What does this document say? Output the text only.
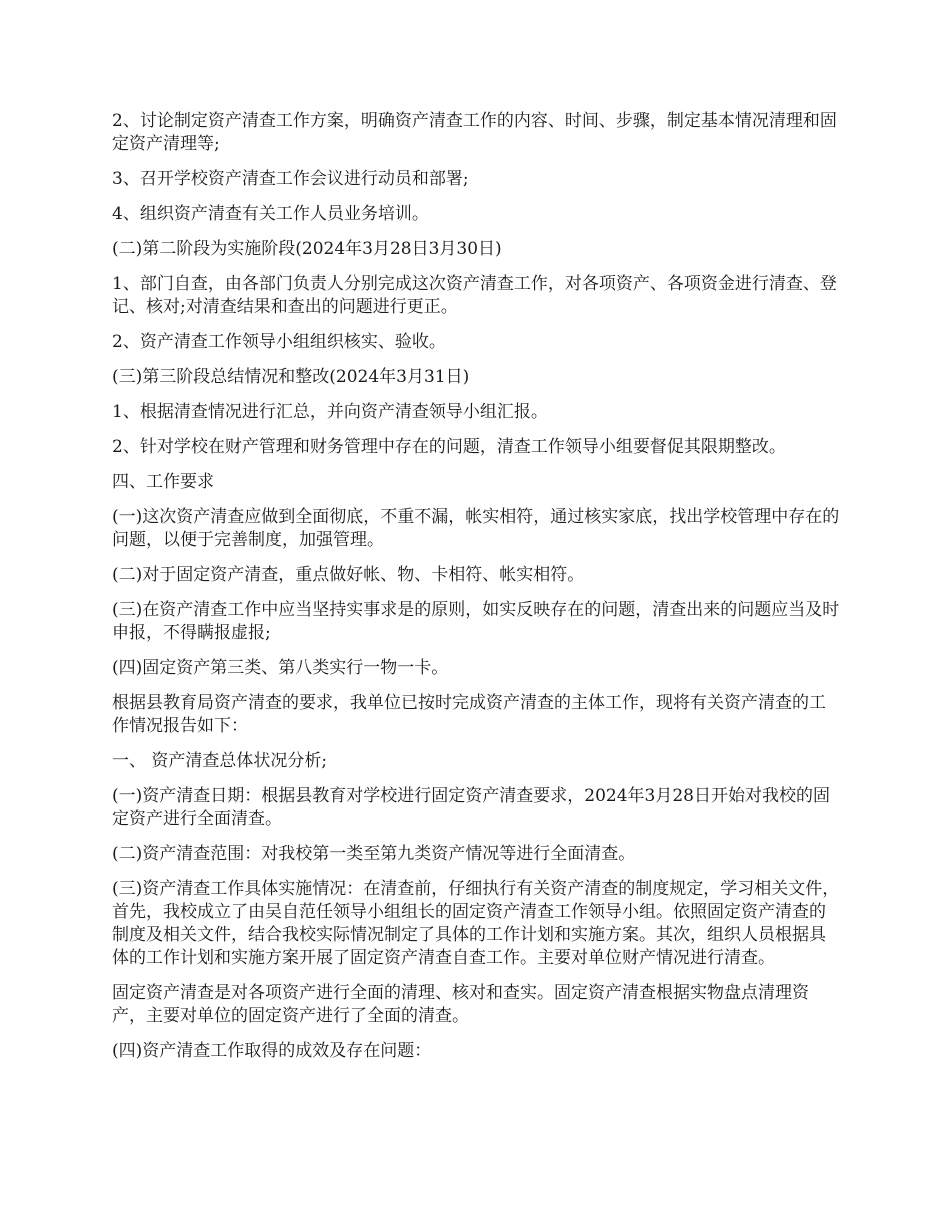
2、讨论制定资产清查工作方案，明确资产清查工作的内容、时间、步骤，制定基本情况清理和固定资产清理等;

3、召开学校资产清查工作会议进行动员和部署;

4、组织资产清查有关工作人员业务培训。

(二)第二阶段为实施阶段(2024年3月28日3月30日)

1、部门自查，由各部门负责人分别完成这次资产清查工作，对各项资产、各项资金进行清查、登记、核对;对清查结果和查出的问题进行更正。

2、资产清查工作领导小组组织核实、验收。

(三)第三阶段总结情况和整改(2024年3月31日)

1、根据清查情况进行汇总，并向资产清查领导小组汇报。

2、针对学校在财产管理和财务管理中存在的问题，清查工作领导小组要督促其限期整改。

四、工作要求

(一)这次资产清查应做到全面彻底，不重不漏，帐实相符，通过核实家底，找出学校管理中存在的问题，以便于完善制度，加强管理。

(二)对于固定资产清查，重点做好帐、物、卡相符、帐实相符。

(三)在资产清查工作中应当坚持实事求是的原则，如实反映存在的问题，清查出来的问题应当及时申报，不得瞒报虚报;

(四)固定资产第三类、第八类实行一物一卡。

根据县教育局资产清查的要求，我单位已按时完成资产清查的主体工作，现将有关资产清查的工作情况报告如下：

一、 资产清查总体状况分析;

(一)资产清查日期：根据县教育对学校进行固定资产清查要求，2024年3月28日开始对我校的固定资产进行全面清查。

(二)资产清查范围：对我校第一类至第九类资产情况等进行全面清查。

(三)资产清查工作具体实施情况：在清查前，仔细执行有关资产清查的制度规定，学习相关文件，首先，我校成立了由吴自范任领导小组组长的固定资产清查工作领导小组。依照固定资产清查的制度及相关文件，结合我校实际情况制定了具体的工作计划和实施方案。其次，组织人员根据具体的工作计划和实施方案开展了固定资产清查自查工作。主要对单位财产情况进行清查。

固定资产清查是对各项资产进行全面的清理、核对和查实。固定资产清查根据实物盘点清理资产，主要对单位的固定资产进行了全面的清查。

(四)资产清查工作取得的成效及存在问题：
